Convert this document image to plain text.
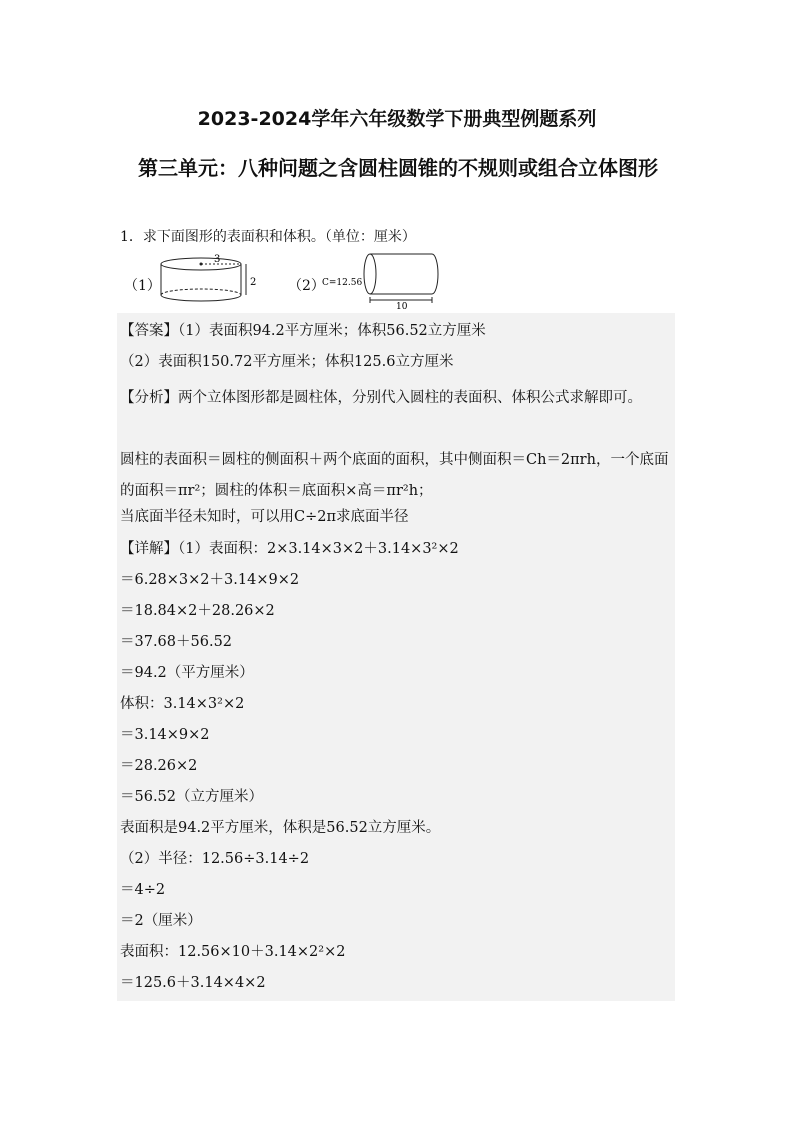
2023-2024学年六年级数学下册典型例题系列
第三单元：八种问题之含圆柱圆锥的不规则或组合立体图形
1．求下面图形的表面积和体积。（单位：厘米）
（1）
3
2 （2）
C=12.56
10
【答案】（1）表面积94.2平方厘米；体积56.52立方厘米
（2）表面积150.72平方厘米；体积125.6立方厘米
【分析】两个立体图形都是圆柱体，分别代入圆柱的表面积、体积公式求解即可。
圆柱的表面积＝圆柱的侧面积＋两个底面的面积，其中侧面积＝Ch＝2πrh，一个底面的面积＝πr²；圆柱的体积＝底面积×高＝πr²h；
当底面半径未知时，可以用C÷2π求底面半径
【详解】（1）表面积：2×3.14×3×2＋3.14×3²×2
＝6.28×3×2＋3.14×9×2
＝18.84×2＋28.26×2
＝37.68＋56.52
＝94.2（平方厘米）
体积：3.14×3²×2
＝3.14×9×2
＝28.26×2
＝56.52（立方厘米）
表面积是94.2平方厘米，体积是56.52立方厘米。
（2）半径：12.56÷3.14÷2
＝4÷2
＝2（厘米）
表面积：12.56×10＋3.14×2²×2
＝125.6＋3.14×4×2
